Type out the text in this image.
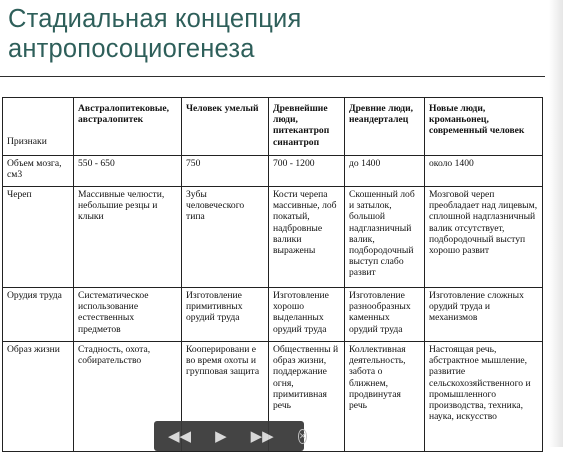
Стадиальная концепция
антропосоциогенеза
Признаки	Австралопитековые, австралопитек	Человек умелый	Древнейшие люди, питекантроп синантроп	Древние люди, неандерталец	Новые люди, кроманьонец, современный человек
Объем мозга, см3	550 - 650	750	700 - 1200	до 1400	около 1400
Череп	Массивные челюсти, небольшие резцы и клыки	Зубы человеческого типа	Кости черепа массивные, лоб покатый, надбровные валики выражены	Скошенный лоб и затылок, большой надглазничный валик, подбородочный выступ слабо развит	Мозговой череп преобладает над лицевым, сплошной надглазничный валик отсутствует, подбородочный выступ хорошо развит
Орудия труда	Систематическое использование естественных предметов	Изготовление примитивных орудий труда	Изготовление хорошо выделанных орудий труда	Изготовление разнообразных каменных орудий труда	Изготовление сложных орудий труда и механизмов
Образ жизни	Стадность, охота, собирательство	Кооперировани е во время охоты и групповая защита	Общественны й образ жизни, поддержание огня, примитивная речь	Коллективная деятельность, забота о ближнем, продвинутая речь	Настоящая речь, абстрактное мышление, развитие сельскохозяйственного и промышленного производства, техника, наука, искусство
◀◀ ▶ ▶▶	✕
